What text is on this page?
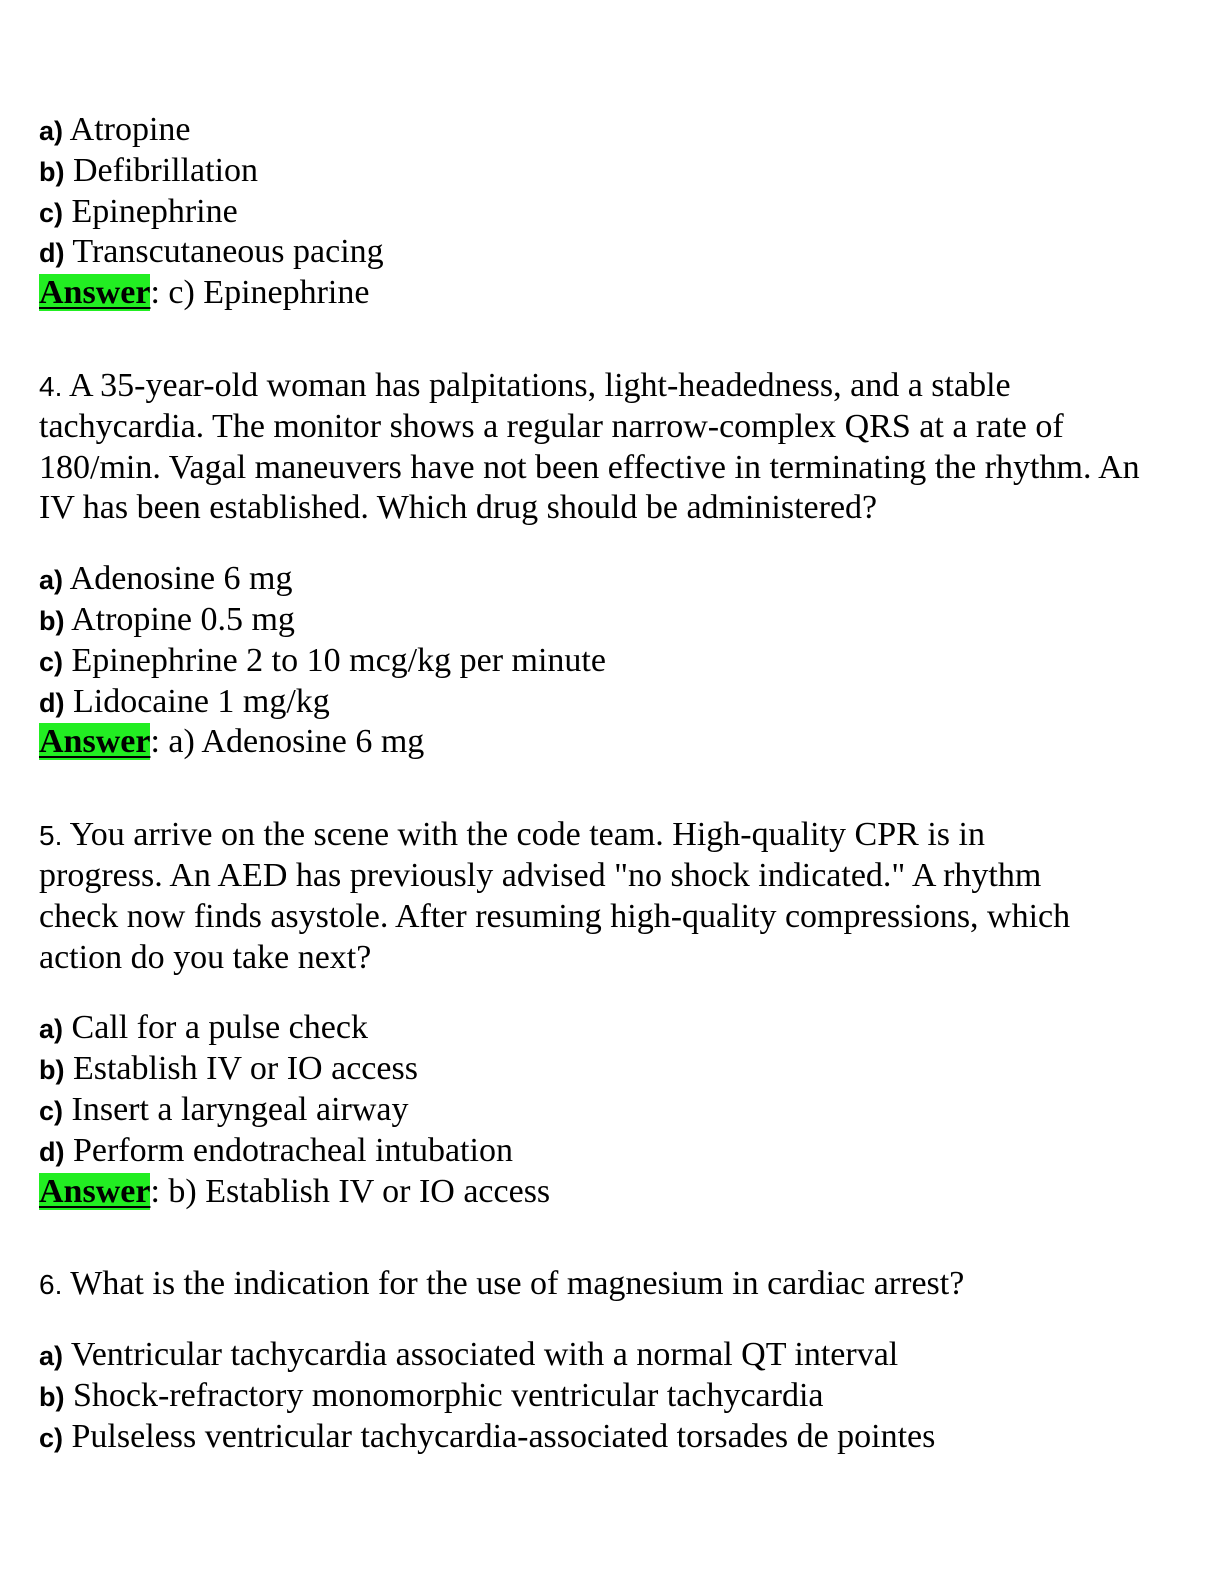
a) Atropine
b) Defibrillation
c) Epinephrine
d) Transcutaneous pacing
Answer: c) Epinephrine
4. A 35-year-old woman has palpitations, light-headedness, and a stable
tachycardia. The monitor shows a regular narrow-complex QRS at a rate of
180/min. Vagal maneuvers have not been effective in terminating the rhythm. An
IV has been established. Which drug should be administered?
a) Adenosine 6 mg
b) Atropine 0.5 mg
c) Epinephrine 2 to 10 mcg/kg per minute
d) Lidocaine 1 mg/kg
Answer: a) Adenosine 6 mg
5. You arrive on the scene with the code team. High-quality CPR is in
progress. An AED has previously advised "no shock indicated." A rhythm
check now finds asystole. After resuming high-quality compressions, which
action do you take next?
a) Call for a pulse check
b) Establish IV or IO access
c) Insert a laryngeal airway
d) Perform endotracheal intubation
Answer: b) Establish IV or IO access
6. What is the indication for the use of magnesium in cardiac arrest?
a) Ventricular tachycardia associated with a normal QT interval
b) Shock-refractory monomorphic ventricular tachycardia
c) Pulseless ventricular tachycardia-associated torsades de pointes
